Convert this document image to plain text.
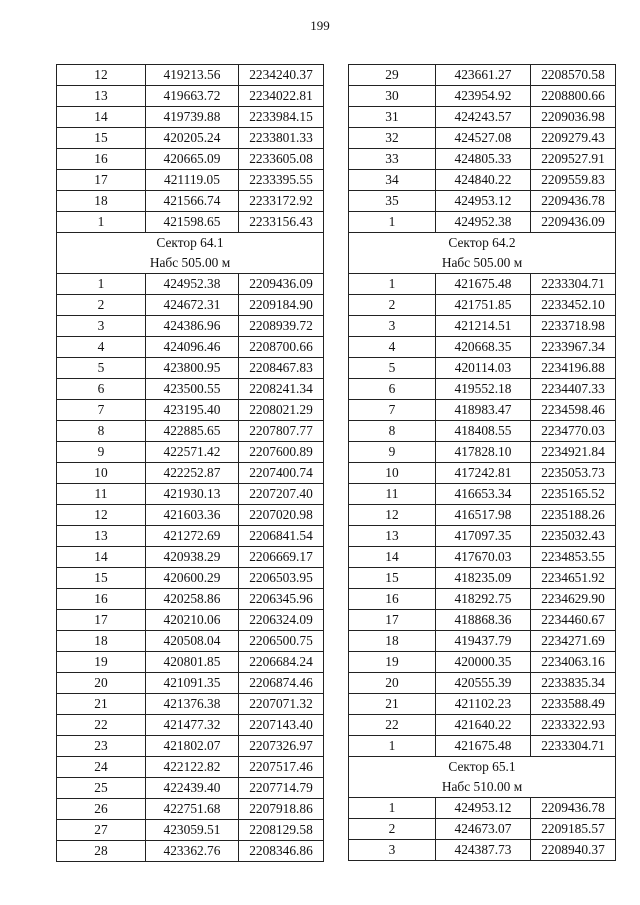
199
12	419213.56	2234240.37
13	419663.72	2234022.81
14	419739.88	2233984.15
15	420205.24	2233801.33
16	420665.09	2233605.08
17	421119.05	2233395.55
18	421566.74	2233172.92
1	421598.65	2233156.43
Сектор 64.1		
Набс 505.00 м		
1	424952.38	2209436.09
2	424672.31	2209184.90
3	424386.96	2208939.72
4	424096.46	2208700.66
5	423800.95	2208467.83
6	423500.55	2208241.34
7	423195.40	2208021.29
8	422885.65	2207807.77
9	422571.42	2207600.89
10	422252.87	2207400.74
11	421930.13	2207207.40
12	421603.36	2207020.98
13	421272.69	2206841.54
14	420938.29	2206669.17
15	420600.29	2206503.95
16	420258.86	2206345.96
17	420210.06	2206324.09
18	420508.04	2206500.75
19	420801.85	2206684.24
20	421091.35	2206874.46
21	421376.38	2207071.32
22	421477.32	2207143.40
23	421802.07	2207326.97
24	422122.82	2207517.46
25	422439.40	2207714.79
26	422751.68	2207918.86
27	423059.51	2208129.58
28	423362.76	2208346.86
29	423661.27	2208570.58
30	423954.92	2208800.66
31	424243.57	2209036.98
32	424527.08	2209279.43
33	424805.33	2209527.91
34	424840.22	2209559.83
35	424953.12	2209436.78
1	424952.38	2209436.09
Сектор 64.2		
Набс 505.00 м		
1	421675.48	2233304.71
2	421751.85	2233452.10
3	421214.51	2233718.98
4	420668.35	2233967.34
5	420114.03	2234196.88
6	419552.18	2234407.33
7	418983.47	2234598.46
8	418408.55	2234770.03
9	417828.10	2234921.84
10	417242.81	2235053.73
11	416653.34	2235165.52
12	416517.98	2235188.26
13	417097.35	2235032.43
14	417670.03	2234853.55
15	418235.09	2234651.92
16	418292.75	2234629.90
17	418868.36	2234460.67
18	419437.79	2234271.69
19	420000.35	2234063.16
20	420555.39	2233835.34
21	421102.23	2233588.49
22	421640.22	2233322.93
1	421675.48	2233304.71
Сектор 65.1		
Набс 510.00 м		
1	424953.12	2209436.78
2	424673.07	2209185.57
3	424387.73	2208940.37
